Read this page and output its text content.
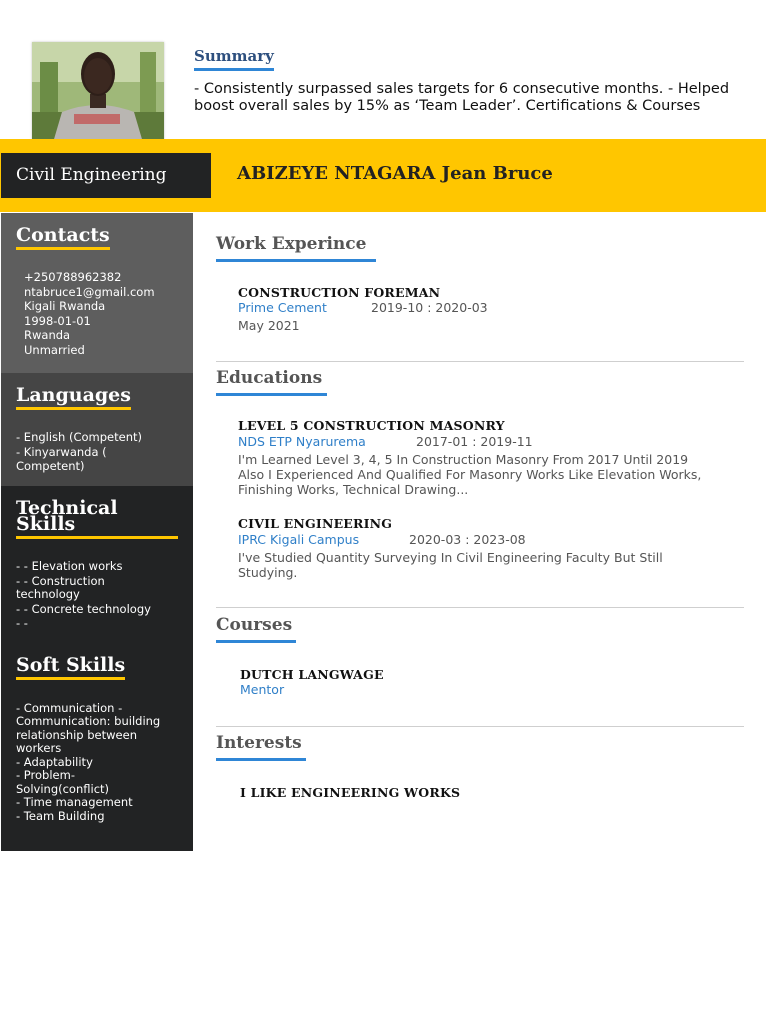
Summary
- Consistently surpassed sales targets for 6 consecutive months. - Helped boost overall sales by 15% as ‘Team Leader’. Certifications & Courses
Civil Engineering	ABIZEYE NTAGARA Jean Bruce
Contacts
+250788962382
ntabruce1@gmail.com
Kigali Rwanda
1998-01-01
Rwanda
Unmarried
Languages
- English (Competent)
- Kinyarwanda (
Competent)
Technical
Skills
- - Elevation works
- - Construction
technology
- - Concrete technology
- -
Soft Skills
- Communication -
Communication: building
relationship between
workers
- Adaptability
- Problem-
Solving(conflict)
- Time management
- Team Building
Work Experince
CONSTRUCTION FOREMAN
Prime Cement	2019-10 : 2020-03
May 2021
Educations
LEVEL 5 CONSTRUCTION MASONRY
NDS ETP Nyarurema	2017-01 : 2019-11
I'm Learned Level 3, 4, 5 In Construction Masonry From 2017 Until 2019
Also I Experienced And Qualified For Masonry Works Like Elevation Works,
Finishing Works, Technical Drawing...
CIVIL ENGINEERING
IPRC Kigali Campus	2020-03 : 2023-08
I've Studied Quantity Surveying In Civil Engineering Faculty But Still
Studying.
Courses
DUTCH LANGWAGE
Mentor
Interests
I LIKE ENGINEERING WORKS
